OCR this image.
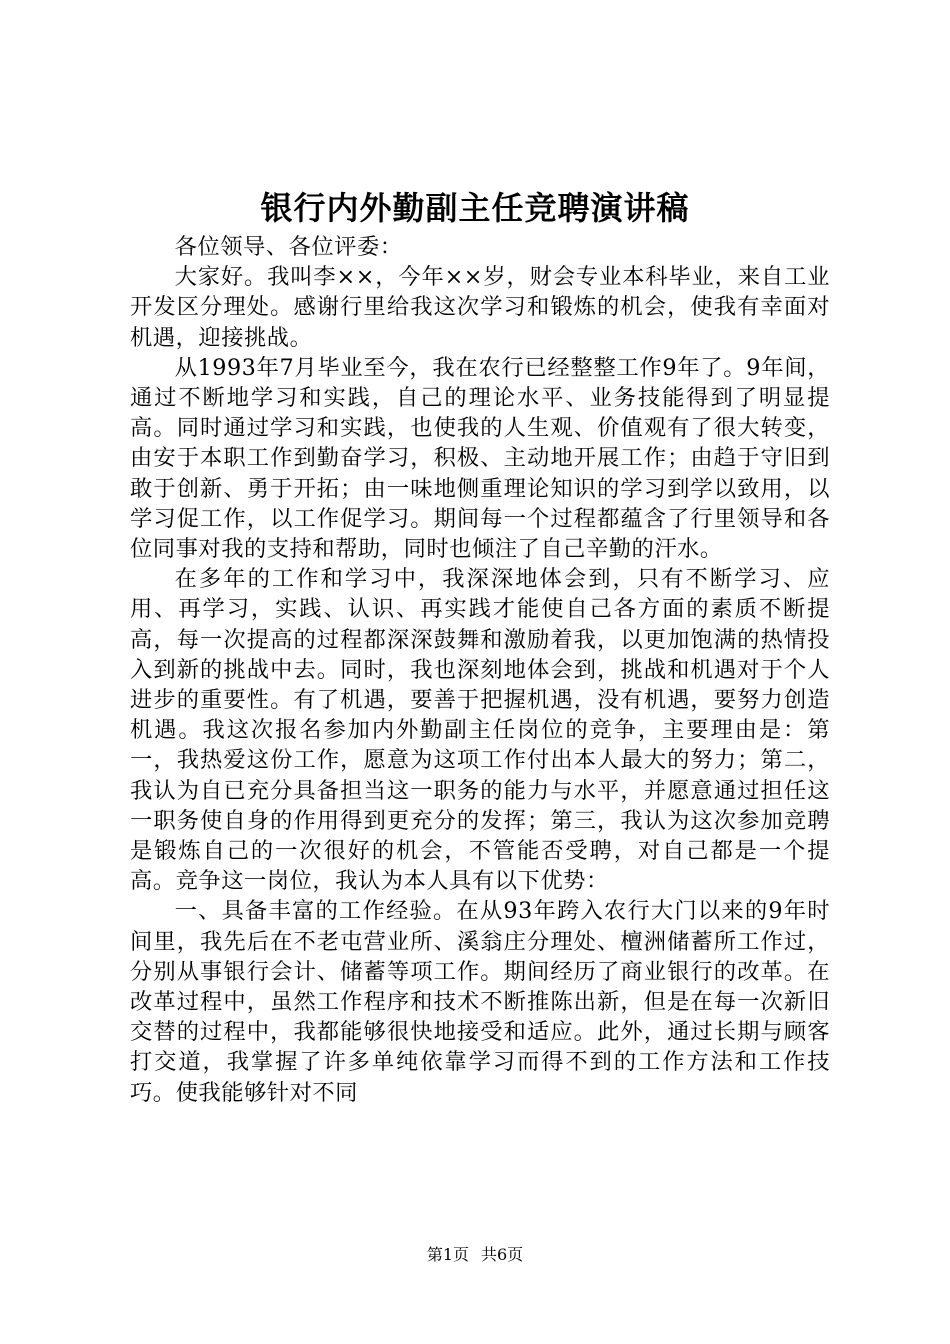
银行内外勤副主任竞聘演讲稿

各位领导、各位评委：

大家好。我叫李××，今年××岁，财会专业本科毕业，来自工业开发区分理处。感谢行里给我这次学习和锻炼的机会，使我有幸面对机遇，迎接挑战。

从1993年7月毕业至今，我在农行已经整整工作9年了。9年间，通过不断地学习和实践，自己的理论水平、业务技能得到了明显提高。同时通过学习和实践，也使我的人生观、价值观有了很大转变，由安于本职工作到勤奋学习，积极、主动地开展工作；由趋于守旧到敢于创新、勇于开拓；由一味地侧重理论知识的学习到学以致用，以学习促工作，以工作促学习。期间每一个过程都蕴含了行里领导和各位同事对我的支持和帮助，同时也倾注了自己辛勤的汗水。

在多年的工作和学习中，我深深地体会到，只有不断学习、应用、再学习，实践、认识、再实践才能使自己各方面的素质不断提高，每一次提高的过程都深深鼓舞和激励着我，以更加饱满的热情投入到新的挑战中去。同时，我也深刻地体会到，挑战和机遇对于个人进步的重要性。有了机遇，要善于把握机遇，没有机遇，要努力创造机遇。我这次报名参加内外勤副主任岗位的竞争，主要理由是：第一，我热爱这份工作，愿意为这项工作付出本人最大的努力；第二，我认为自已充分具备担当这一职务的能力与水平，并愿意通过担任这一职务使自身的作用得到更充分的发挥；第三，我认为这次参加竞聘是锻炼自己的一次很好的机会，不管能否受聘，对自己都是一个提高。竞争这一岗位，我认为本人具有以下优势：

一、具备丰富的工作经验。在从93年跨入农行大门以来的9年时间里，我先后在不老屯营业所、溪翁庄分理处、檀洲储蓄所工作过，分别从事银行会计、储蓄等项工作。期间经历了商业银行的改革。在改革过程中，虽然工作程序和技术不断推陈出新，但是在每一次新旧交替的过程中，我都能够很快地接受和适应。此外，通过长期与顾客打交道，我掌握了许多单纯依靠学习而得不到的工作方法和工作技巧。使我能够针对不同

第1页 共6页
